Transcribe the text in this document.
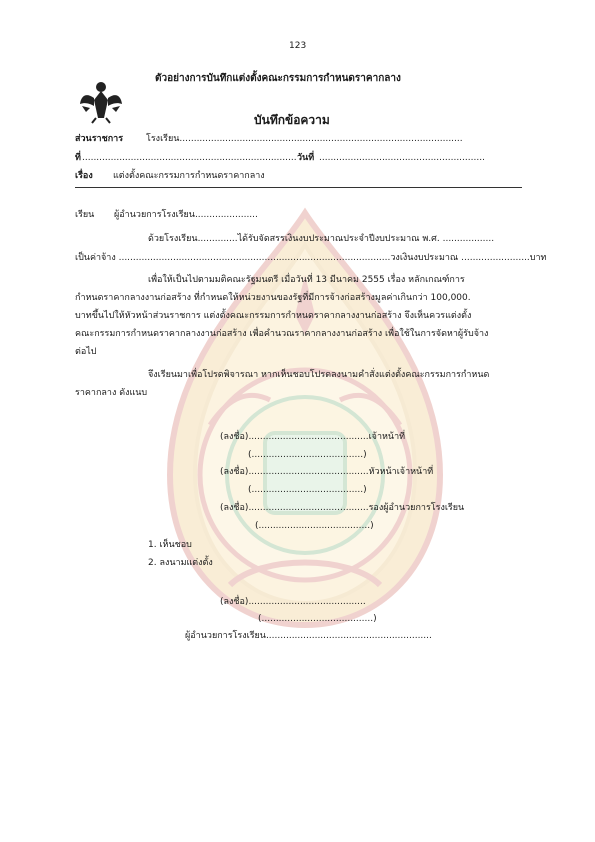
123
ตัวอย่างการบันทึกแต่งตั้งคณะกรรมการกำหนดราคากลาง
บันทึกข้อความ
ส่วนราชการ	โรงเรียน...................................................................................................
ที่ ........................................................................... วันที่ ..........................................................
เรื่อง แต่งตั้งคณะกรรมการกำหนดราคากลาง
เรียน ผู้อำนวยการโรงเรียน......................
ด้วยโรงเรียน..............ได้รับจัดสรรเงินงบประมาณประจำปีงบประมาณ พ.ศ. ..................
เป็นค่าจ้าง ...............................................................................................วงเงินงบประมาณ ........................บาท
เพื่อให้เป็นไปตามมติคณะรัฐมนตรี เมื่อวันที่ 13 มีนาคม 2555 เรื่อง หลักเกณฑ์การ
กำหนดราคากลางงานก่อสร้าง ที่กำหนดให้หน่วยงานของรัฐที่มีการจ้างก่อสร้างมูลค่าเกินกว่า 100,000.
บาทขึ้นไปให้หัวหน้าส่วนราชการ แต่งตั้งคณะกรรมการกำหนดราคากลางงานก่อสร้าง จึงเห็นควรแต่งตั้ง
คณะกรรมการกำหนดราคากลางงานก่อสร้าง เพื่อคำนวณราคากลางงานก่อสร้าง เพื่อใช้ในการจัดหาผู้รับจ้าง
ต่อไป
จึงเรียนมาเพื่อโปรดพิจารณา หากเห็นชอบโปรดลงนามคำสั่งแต่งตั้งคณะกรรมการกำหนด
ราคากลาง ดังแนบ
(ลงชื่อ)..........................................เจ้าหน้าที่
(.......................................)
(ลงชื่อ)..........................................หัวหน้าเจ้าหน้าที่
(.......................................)
(ลงชื่อ)..........................................รองผู้อำนวยการโรงเรียน
(.......................................)
1. เห็นชอบ
2. ลงนามแต่งตั้ง
(ลงชื่อ).........................................
(.......................................)
ผู้อำนวยการโรงเรียน..........................................................
